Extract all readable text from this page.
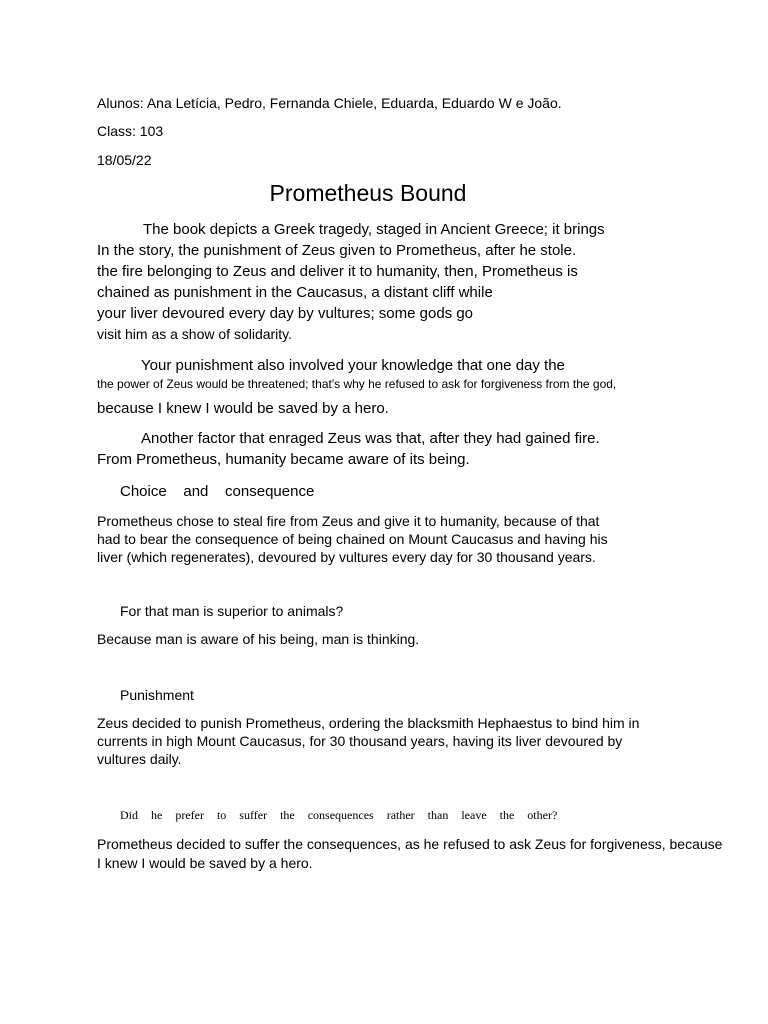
Alunos: Ana Letícia, Pedro, Fernanda Chiele, Eduarda, Eduardo W e João.
Class: 103
18/05/22
Prometheus Bound
The book depicts a Greek tragedy, staged in Ancient Greece; it brings
In the story, the punishment of Zeus given to Prometheus, after he stole.
the fire belonging to Zeus and deliver it to humanity, then, Prometheus is
chained as punishment in the Caucasus, a distant cliff while
your liver devoured every day by vultures; some gods go
visit him as a show of solidarity.
Your punishment also involved your knowledge that one day the
the power of Zeus would be threatened; that's why he refused to ask for forgiveness from the god,
because I knew I would be saved by a hero.
Another factor that enraged Zeus was that, after they had gained fire.
From Prometheus, humanity became aware of its being.
Choice    and    consequence
Prometheus chose to steal fire from Zeus and give it to humanity, because of that
had to bear the consequence of being chained on Mount Caucasus and having his
liver (which regenerates), devoured by vultures every day for 30 thousand years.
For that man is superior to animals?
Because man is aware of his being, man is thinking.
Punishment
Zeus decided to punish Prometheus, ordering the blacksmith Hephaestus to bind him in
currents in high Mount Caucasus, for 30 thousand years, having its liver devoured by
vultures daily.
Did he prefer to suffer the consequences rather than leave the other?
Prometheus decided to suffer the consequences, as he refused to ask Zeus for forgiveness, because
I knew I would be saved by a hero.
